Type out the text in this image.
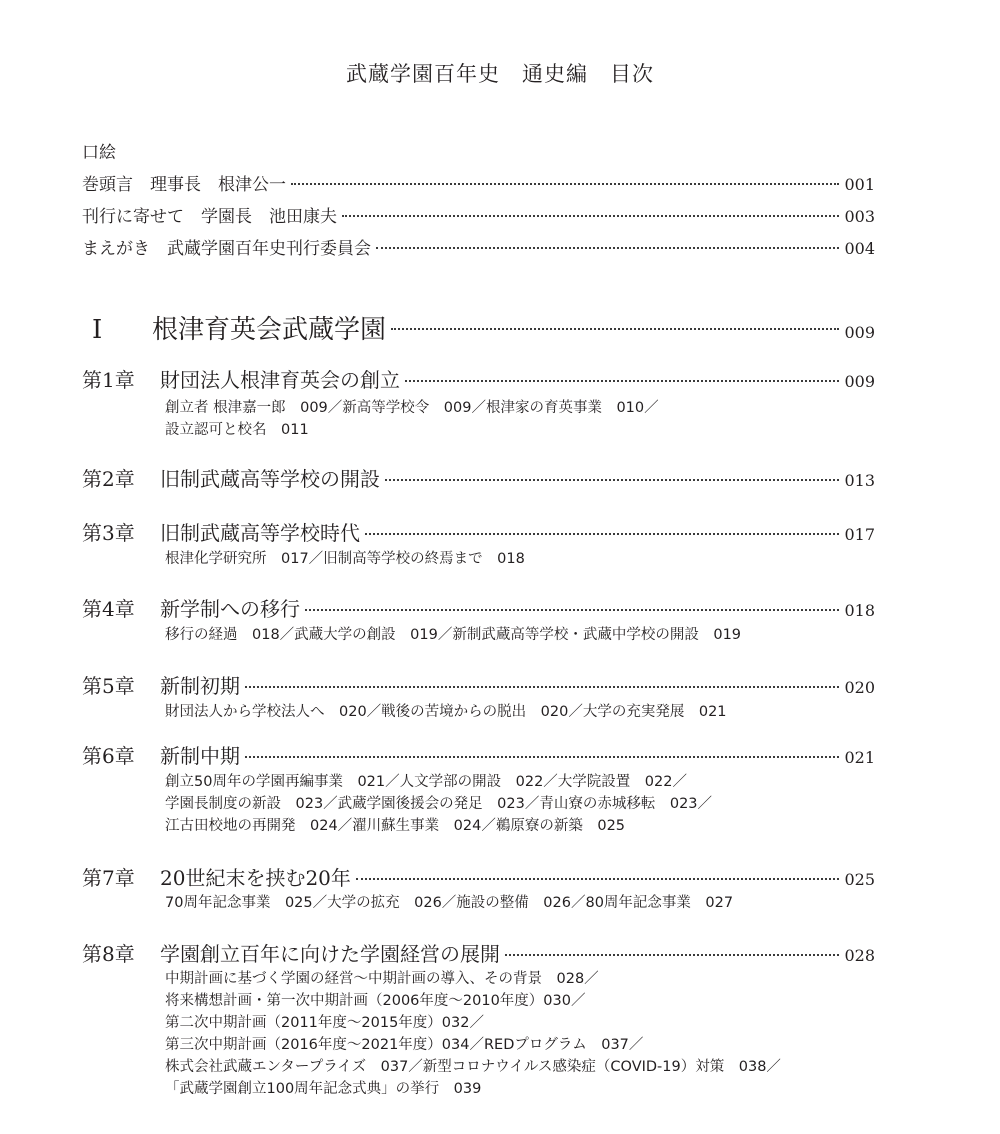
武蔵学園百年史　通史編　目次
口絵
巻頭言　理事長　根津公一	001
刊行に寄せて　学園長　池田康夫	003
まえがき　武蔵学園百年史刊行委員会	004
I 根津育英会武蔵学園	009
第1章 財団法人根津育英会の創立	009
創立者 根津嘉一郎　009／新高等学校令　009／根津家の育英事業　010／
設立認可と校名　011
第2章 旧制武蔵高等学校の開設	013
第3章 旧制武蔵高等学校時代	017
根津化学研究所　017／旧制高等学校の終焉まで　018
第4章 新学制への移行	018
移行の経過　018／武蔵大学の創設　019／新制武蔵高等学校・武蔵中学校の開設　019
第5章 新制初期	020
財団法人から学校法人へ　020／戦後の苦境からの脱出　020／大学の充実発展　021
第6章 新制中期	021
創立50周年の学園再編事業　021／人文学部の開設　022／大学院設置　022／
学園長制度の新設　023／武蔵学園後援会の発足　023／青山寮の赤城移転　023／
江古田校地の再開発　024／濯川蘇生事業　024／鵜原寮の新築　025
第7章 20世紀末を挟む20年	025
70周年記念事業　025／大学の拡充　026／施設の整備　026／80周年記念事業　027
第8章 学園創立百年に向けた学園経営の展開	028
中期計画に基づく学園の経営〜中期計画の導入、その背景　028／
将来構想計画・第一次中期計画（2006年度〜2010年度）030／
第二次中期計画（2011年度〜2015年度）032／
第三次中期計画（2016年度〜2021年度）034／REDプログラム　037／
株式会社武蔵エンタープライズ　037／新型コロナウイルス感染症（COVID-19）対策　038／
「武蔵学園創立100周年記念式典」の挙行　039
